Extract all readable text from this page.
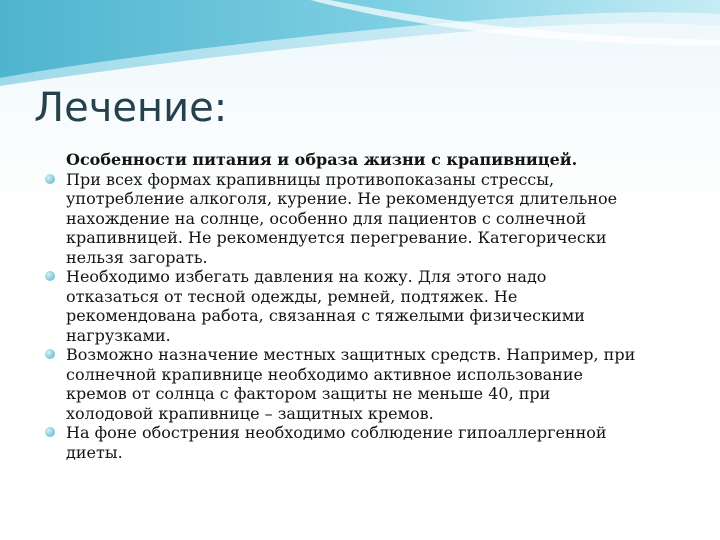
Лечение:

Особенности питания и образа жизни с крапивницей.

При всех формах крапивницы противопоказаны стрессы,
употребление алкоголя, курение. Не рекомендуется длительное
нахождение на солнце, особенно для пациентов с солнечной
крапивницей. Не рекомендуется перегревание. Категорически
нельзя загорать.
Необходимо избегать давления на кожу. Для этого надо
отказаться от тесной одежды, ремней, подтяжек. Не
рекомендована работа, связанная с тяжелыми физическими
нагрузками.
Возможно назначение местных защитных средств. Например, при
солнечной крапивнице необходимо активное использование
кремов от солнца с фактором защиты не меньше 40, при
холодовой крапивнице – защитных кремов.
На фоне обострения необходимо соблюдение гипоаллергенной
диеты.
